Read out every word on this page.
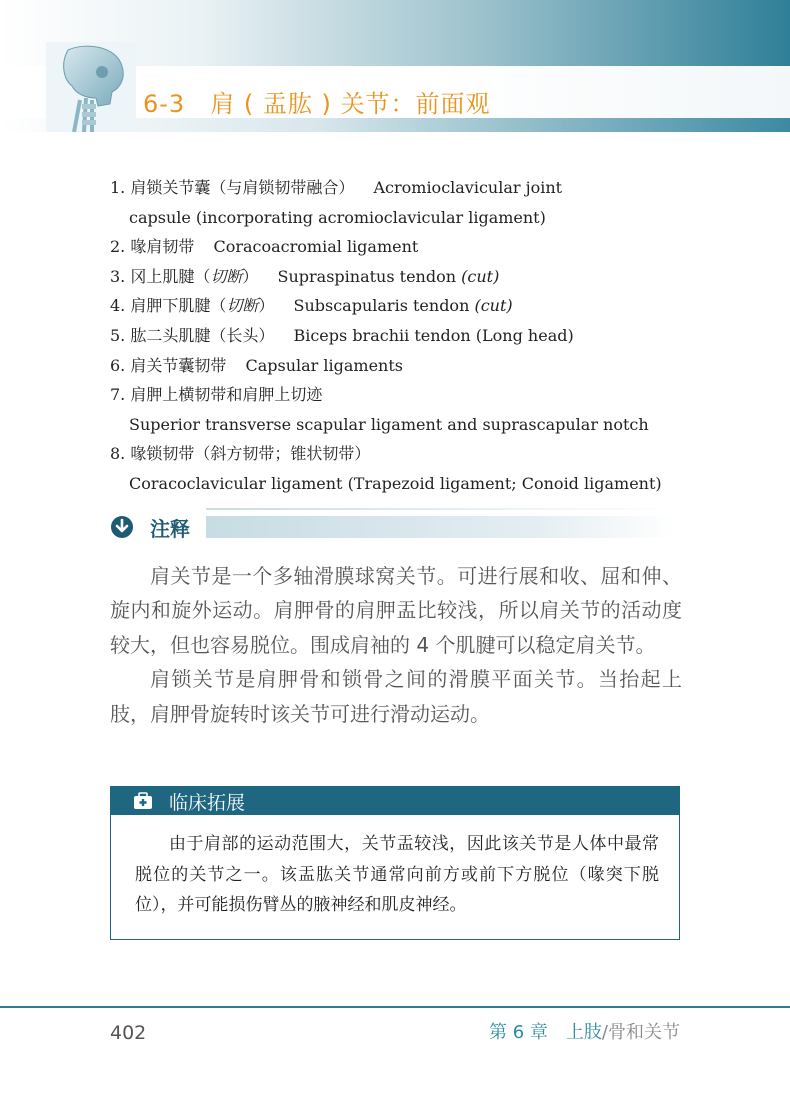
6-3　肩 ( 盂肱 ) 关节：前面观
1. 肩锁关节囊（与肩锁韧带融合） Acromioclavicular joint
capsule (incorporating acromioclavicular ligament)
2. 喙肩韧带 Coracoacromial ligament
3. 冈上肌腱（切断） Supraspinatus tendon (cut)
4. 肩胛下肌腱（切断） Subscapularis tendon (cut)
5. 肱二头肌腱（长头） Biceps brachii tendon (Long head)
6. 肩关节囊韧带 Capsular ligaments
7. 肩胛上横韧带和肩胛上切迹
Superior transverse scapular ligament and suprascapular notch
8. 喙锁韧带（斜方韧带；锥状韧带）
Coracoclavicular ligament (Trapezoid ligament; Conoid ligament)
注释

肩关节是一个多轴滑膜球窝关节。可进行展和收、屈和伸、旋内和旋外运动。肩胛骨的肩胛盂比较浅，所以肩关节的活动度较大，但也容易脱位。围成肩袖的 4 个肌腱可以稳定肩关节。

肩锁关节是肩胛骨和锁骨之间的滑膜平面关节。当抬起上肢，肩胛骨旋转时该关节可进行滑动运动。

临床拓展

由于肩部的运动范围大，关节盂较浅，因此该关节是人体中最常脱位的关节之一。该盂肱关节通常向前方或前下方脱位（喙突下脱位），并可能损伤臂丛的腋神经和肌皮神经。

402	第 6 章　上肢/骨和关节
